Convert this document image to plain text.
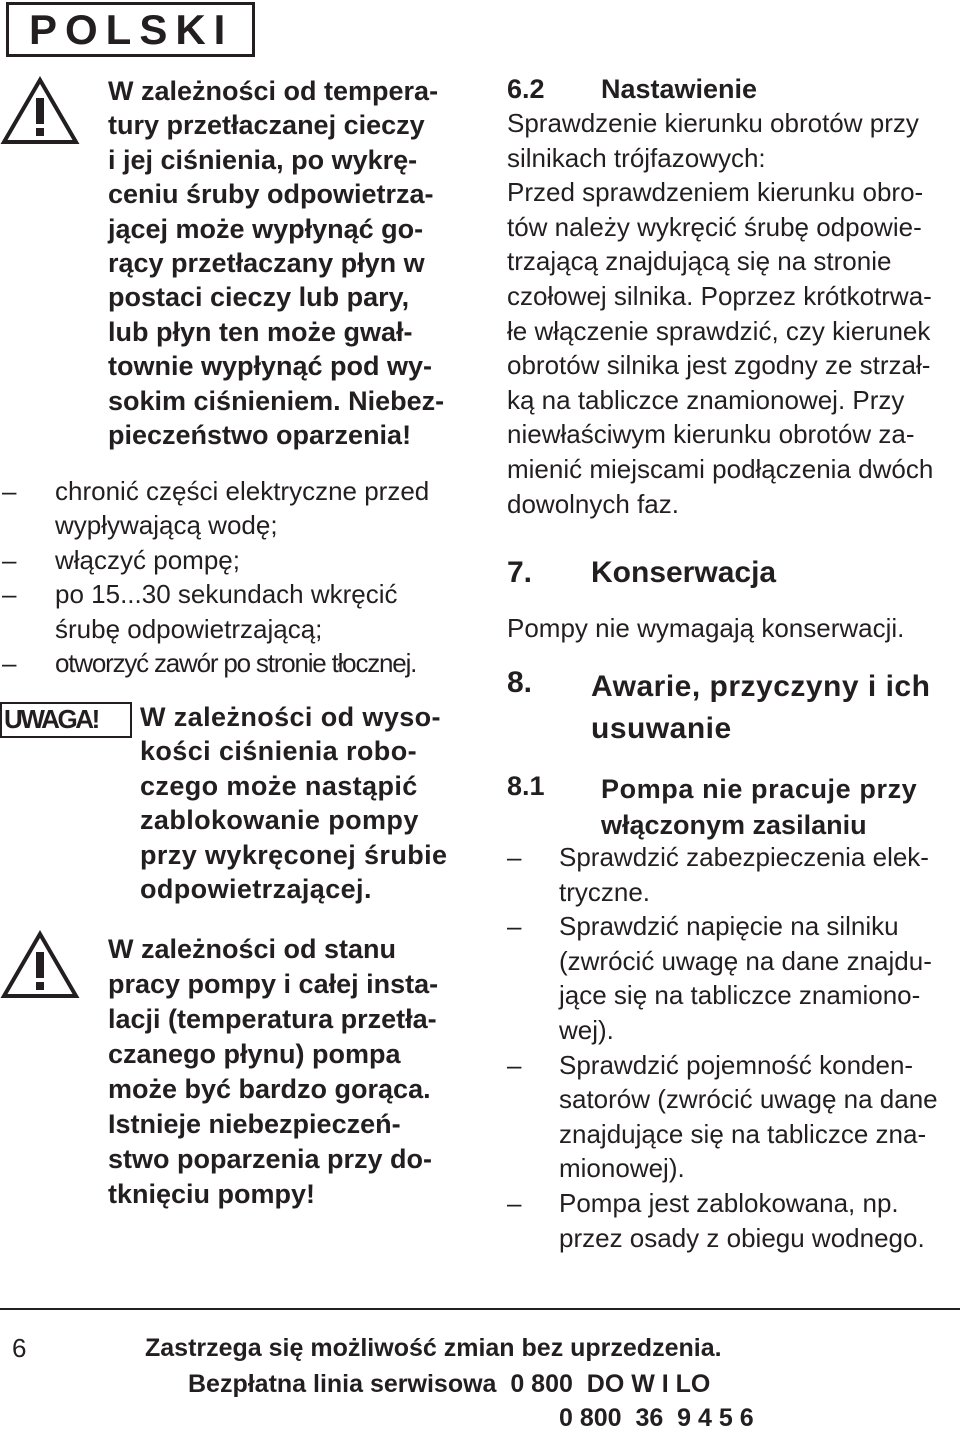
POLSKI
W zależności od tempera-
tury przetłaczanej cieczy
i jej ciśnienia, po wykrę-
ceniu śruby odpowietrza-
jącej może wypłynąć go-
rący przetłaczany płyn w
postaci cieczy lub pary,
lub płyn ten może gwał-
townie wypłynąć pod wy-
sokim ciśnieniem. Niebez-
pieczeństwo oparzenia!
–	chronić części elektryczne przed
wypływającą wodę;
–	włączyć pompę;
–	po 15...30 sekundach wkręcić
śrubę odpowietrzającą;
–	otworzyć zawór po stronie tłocznej.
UWAGA!	W zależności od wyso-
kości ciśnienia robo-
czego może nastąpić
zablokowanie pompy
przy wykręconej śrubie
odpowietrzającej.
W zależności od stanu
pracy pompy i całej insta-
lacji (temperatura przetła-
czanego płynu) pompa
może być bardzo gorąca.
Istnieje niebezpieczeń-
stwo poparzenia przy do-
tknięciu pompy!
6.2 Nastawienie
Sprawdzenie kierunku obrotów przy
silnikach trójfazowych:
Przed sprawdzeniem kierunku obro-
tów należy wykręcić śrubę odpowie-
trzającą znajdującą się na stronie
czołowej silnika. Poprzez krótkotrwa-
łe włączenie sprawdzić, czy kierunek
obrotów silnika jest zgodny ze strzał-
ką na tabliczce znamionowej. Przy
niewłaściwym kierunku obrotów za-
mienić miejscami podłączenia dwóch
dowolnych faz.
7. Konserwacja
Pompy nie wymagają konserwacji.
8. Awarie, przyczyny i ich
usuwanie
8.1 Pompa nie pracuje przy
włączonym zasilaniu
– Sprawdzić zabezpieczenia elek-
tryczne.
– Sprawdzić napięcie na silniku
(zwrócić uwagę na dane znajdu-
jące się na tabliczce znamiono-
wej).
– Sprawdzić pojemność konden-
satorów (zwrócić uwagę na dane
znajdujące się na tabliczce zna-
mionowej).
– Pompa jest zablokowana, np.
przez osady z obiegu wodnego.
6	Zastrzega się możliwość zmian bez uprzedzenia.
Bezpłatna linia serwisowa  0 800  DO W I LO
0 800  36  9 4 5 6
